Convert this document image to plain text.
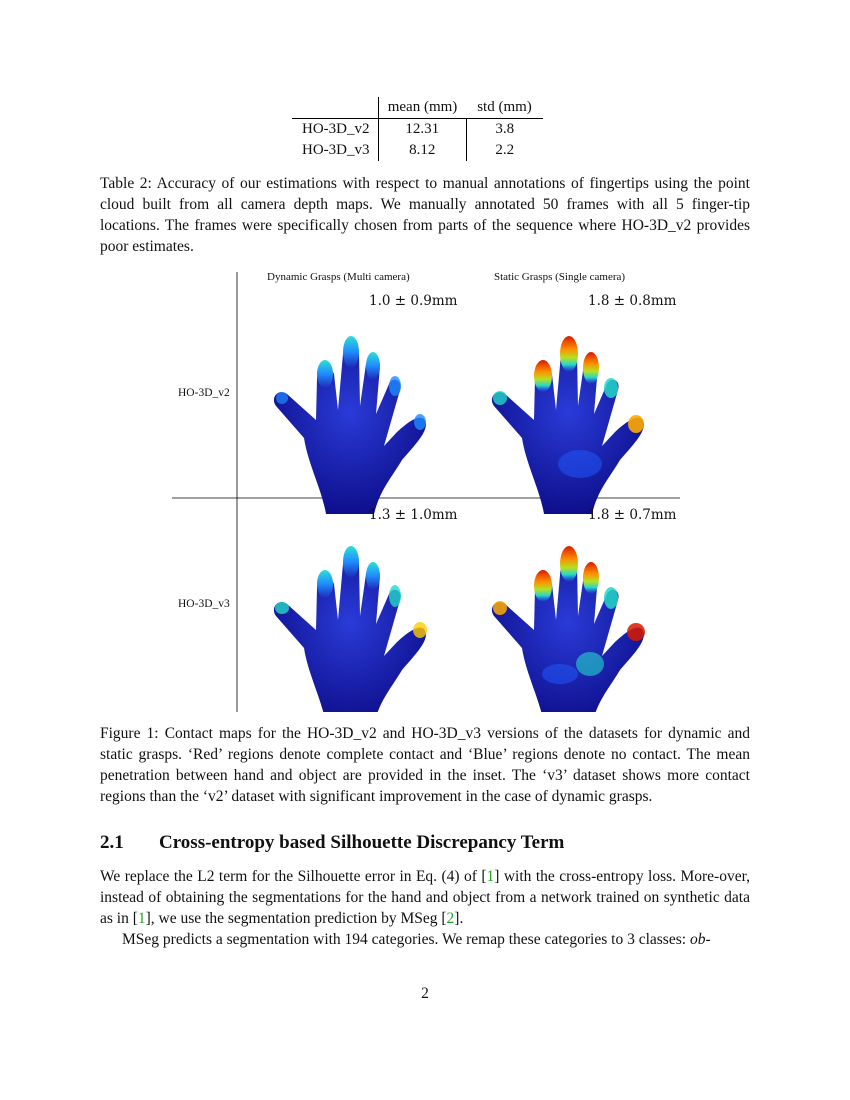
	mean (mm)	std (mm)
HO-3D_v2	12.31	3.8
HO-3D_v3	8.12	2.2

Table 2: Accuracy of our estimations with respect to manual annotations of fingertips using the point cloud built from all camera depth maps. We manually annotated 50 frames with all 5 finger-tip locations. The frames were specifically chosen from parts of the sequence where HO-3D_v2 provides poor estimates.

Dynamic Grasps (Multi camera)	Static Grasps (Single camera)
1.0 ± 0.9mm	1.8 ± 0.8mm
1.3 ± 1.0mm	1.8 ± 0.7mm
HO-3D_v2
HO-3D_v3

Figure 1: Contact maps for the HO-3D_v2 and HO-3D_v3 versions of the datasets for dynamic and static grasps. ‘Red’ regions denote complete contact and ‘Blue’ regions denote no contact. The mean penetration between hand and object are provided in the inset. The ‘v3’ dataset shows more contact regions than the ‘v2’ dataset with significant improvement in the case of dynamic grasps.

2.1 Cross-entropy based Silhouette Discrepancy Term

We replace the L2 term for the Silhouette error in Eq. (4) of [1] with the cross-entropy loss. More-over, instead of obtaining the segmentations for the hand and object from a network trained on synthetic data as in [1], we use the segmentation prediction by MSeg [2].

MSeg predicts a segmentation with 194 categories. We remap these categories to 3 classes: ob-

2
